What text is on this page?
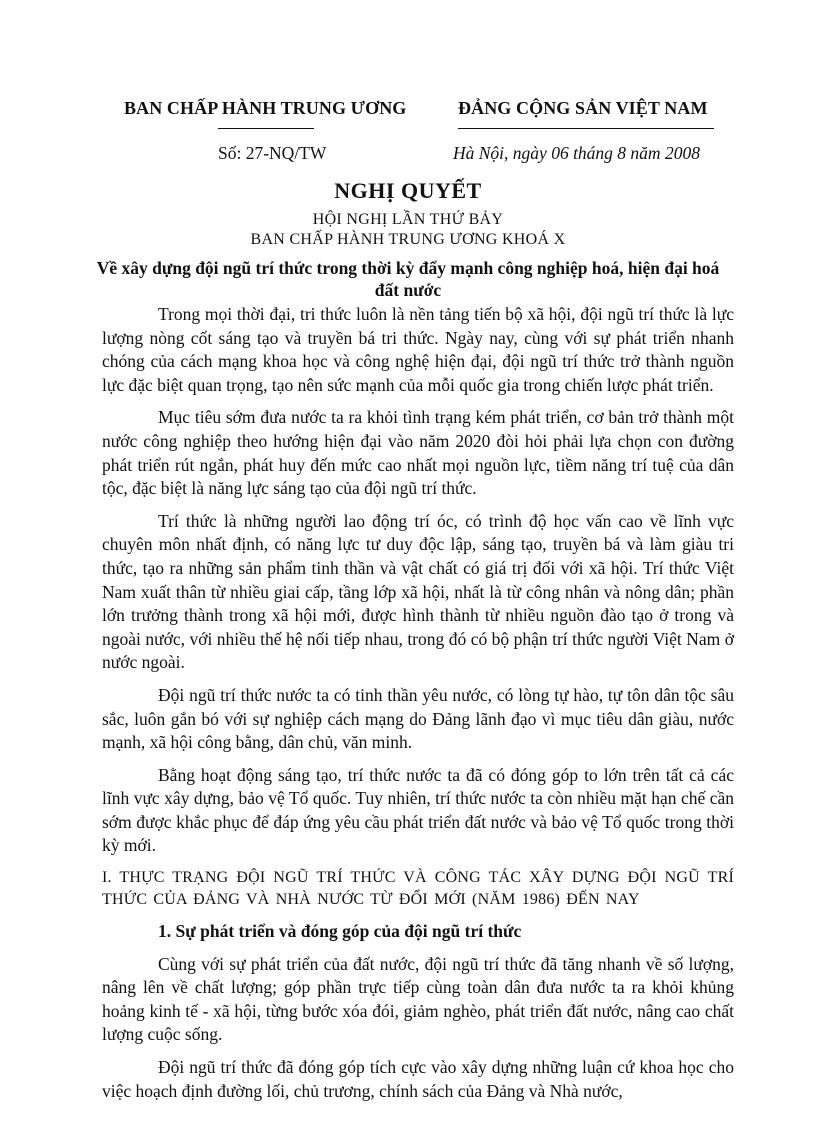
BAN CHẤP HÀNH TRUNG ƯƠNG	ĐẢNG CỘNG SẢN VIỆT NAM
Số: 27-NQ/TW	Hà Nội, ngày 06 tháng 8 năm 2008
NGHỊ QUYẾT
HỘI NGHỊ LẦN THỨ BẢY
BAN CHẤP HÀNH TRUNG ƯƠNG KHOÁ X
Về xây dựng đội ngũ trí thức trong thời kỳ đẩy mạnh công nghiệp hoá, hiện đại hoá đất nước

Trong mọi thời đại, tri thức luôn là nền tảng tiến bộ xã hội, đội ngũ trí thức là lực lượng nòng cốt sáng tạo và truyền bá tri thức. Ngày nay, cùng với sự phát triển nhanh chóng của cách mạng khoa học và công nghệ hiện đại, đội ngũ trí thức trở thành nguồn lực đặc biệt quan trọng, tạo nên sức mạnh của mỗi quốc gia trong chiến lược phát triển.

Mục tiêu sớm đưa nước ta ra khỏi tình trạng kém phát triển, cơ bản trở thành một nước công nghiệp theo hướng hiện đại vào năm 2020 đòi hỏi phải lựa chọn con đường phát triển rút ngắn, phát huy đến mức cao nhất mọi nguồn lực, tiềm năng trí tuệ của dân tộc, đặc biệt là năng lực sáng tạo của đội ngũ trí thức.

Trí thức là những người lao động trí óc, có trình độ học vấn cao về lĩnh vực chuyên môn nhất định, có năng lực tư duy độc lập, sáng tạo, truyền bá và làm giàu tri thức, tạo ra những sản phẩm tinh thần và vật chất có giá trị đối với xã hội. Trí thức Việt Nam xuất thân từ nhiều giai cấp, tầng lớp xã hội, nhất là từ công nhân và nông dân; phần lớn trưởng thành trong xã hội mới, được hình thành từ nhiều nguồn đào tạo ở trong và ngoài nước, với nhiều thế hệ nối tiếp nhau, trong đó có bộ phận trí thức người Việt Nam ở nước ngoài.

Đội ngũ trí thức nước ta có tinh thần yêu nước, có lòng tự hào, tự tôn dân tộc sâu sắc, luôn gắn bó với sự nghiệp cách mạng do Đảng lãnh đạo vì mục tiêu dân giàu, nước mạnh, xã hội công bằng, dân chủ, văn minh.

Bằng hoạt động sáng tạo, trí thức nước ta đã có đóng góp to lớn trên tất cả các lĩnh vực xây dựng, bảo vệ Tổ quốc. Tuy nhiên, trí thức nước ta còn nhiều mặt hạn chế cần sớm được khắc phục để đáp ứng yêu cầu phát triển đất nước và bảo vệ Tổ quốc trong thời kỳ mới.

I. THỰC TRẠNG ĐỘI NGŨ TRÍ THỨC VÀ CÔNG TÁC XÂY DỰNG ĐỘI NGŨ TRÍ THỨC CỦA ĐẢNG VÀ NHÀ NƯỚC TỪ ĐỔI MỚI (NĂM 1986) ĐẾN NAY

1. Sự phát triển và đóng góp của đội ngũ trí thức

Cùng với sự phát triển của đất nước, đội ngũ trí thức đã tăng nhanh về số lượng, nâng lên về chất lượng; góp phần trực tiếp cùng toàn dân đưa nước ta ra khỏi khủng hoảng kinh tế - xã hội, từng bước xóa đói, giảm nghèo, phát triển đất nước, nâng cao chất lượng cuộc sống.

Đội ngũ trí thức đã đóng góp tích cực vào xây dựng những luận cứ khoa học cho việc hoạch định đường lối, chủ trương, chính sách của Đảng và Nhà nước,
